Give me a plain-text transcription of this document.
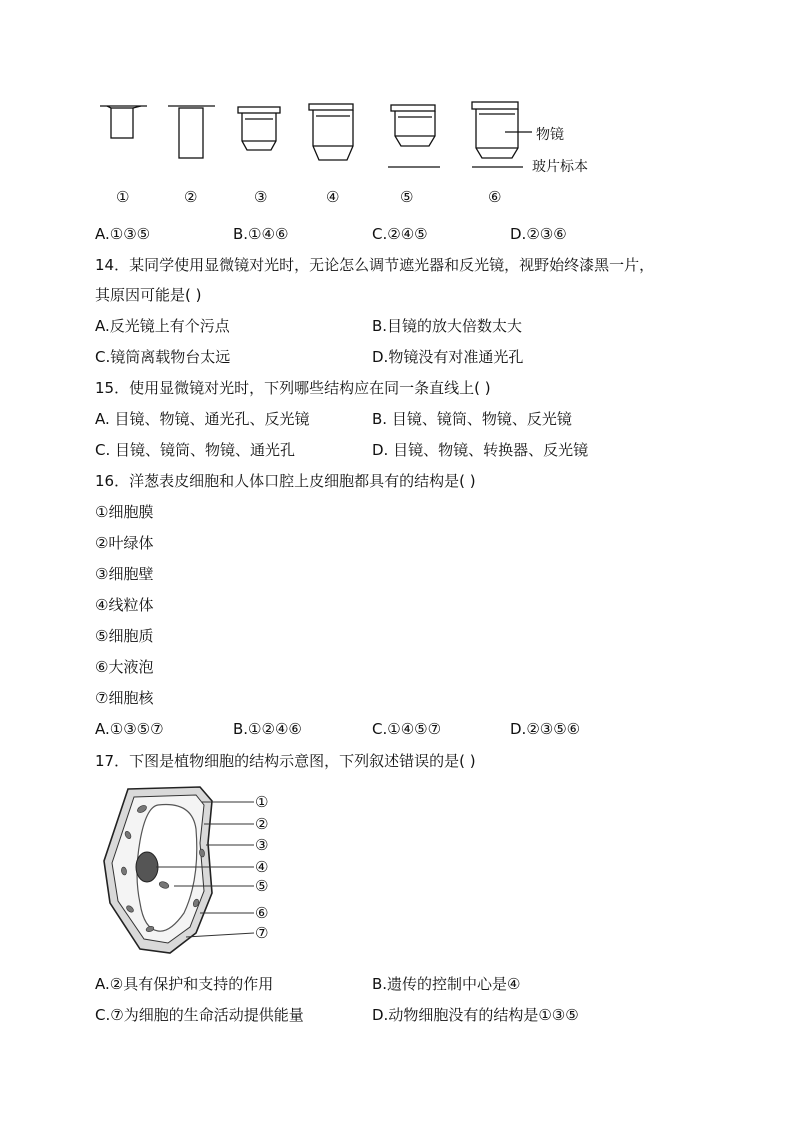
物镜
玻片标本
①	②	③	④	⑤	⑥
A.①③⑤	B.①④⑥	C.②④⑤	D.②③⑥
14．某同学使用显微镜对光时，无论怎么调节遮光器和反光镜，视野始终漆黑一片，
其原因可能是( )
A.反光镜上有个污点	B.目镜的放大倍数太大
C.镜筒离载物台太远	D.物镜没有对准通光孔
15．使用显微镜对光时，下列哪些结构应在同一条直线上( )
A. 目镜、物镜、通光孔、反光镜	B. 目镜、镜筒、物镜、反光镜
C. 目镜、镜筒、物镜、通光孔	D. 目镜、物镜、转换器、反光镜
16．洋葱表皮细胞和人体口腔上皮细胞都具有的结构是( )
①细胞膜
②叶绿体
③细胞壁
④线粒体
⑤细胞质
⑥大液泡
⑦细胞核
A.①③⑤⑦	B.①②④⑥	C.①④⑤⑦	D.②③⑤⑥
17．下图是植物细胞的结构示意图，下列叙述错误的是( )
①
②
③
④
⑤
⑥
⑦
A.②具有保护和支持的作用	B.遗传的控制中心是④
C.⑦为细胞的生命活动提供能量	D.动物细胞没有的结构是①③⑤
